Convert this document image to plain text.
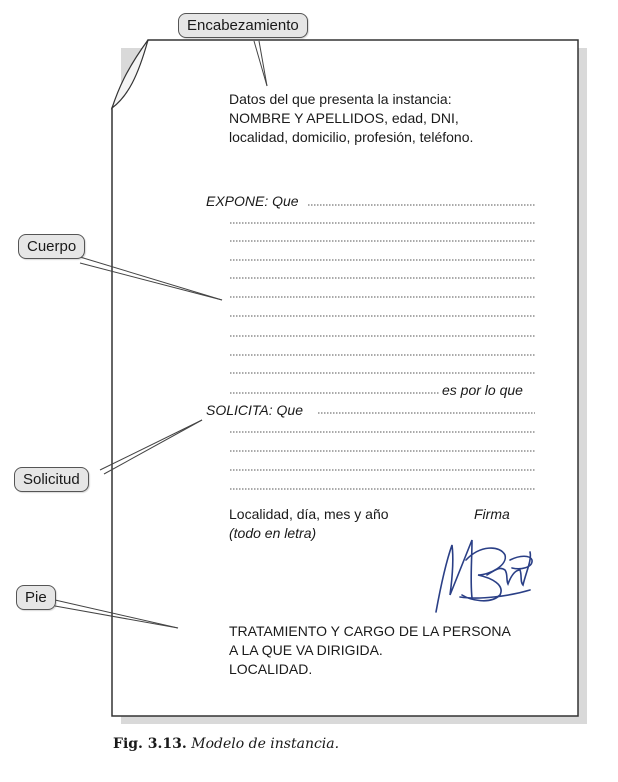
Encabezamiento
Cuerpo
Solicitud
Pie
Datos del que presenta la instancia:
NOMBRE Y APELLIDOS, edad, DNI,
localidad, domicilio, profesión, teléfono.
EXPONE: Que
es por lo que
SOLICITA: Que
Localidad, día, mes y año
(todo en letra)
Firma
TRATAMIENTO Y CARGO DE LA PERSONA
A LA QUE VA DIRIGIDA.
LOCALIDAD.
Fig. 3.13. Modelo de instancia.
